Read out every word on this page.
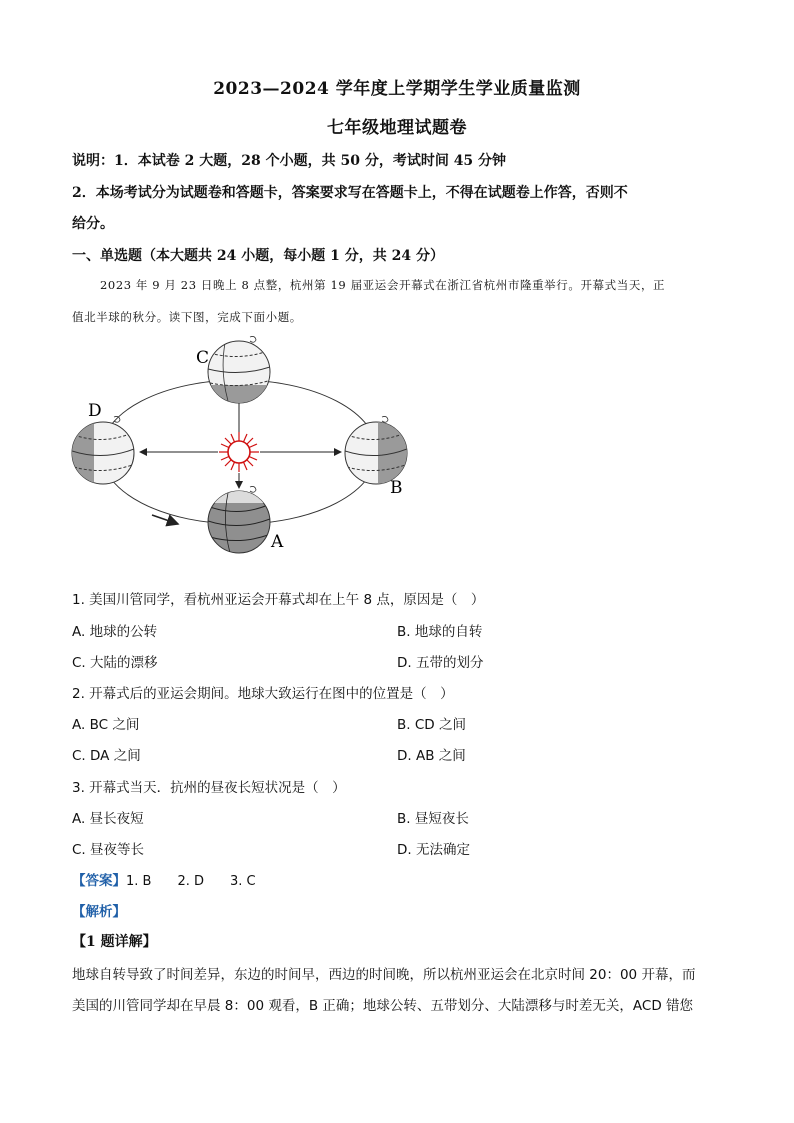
2023—2024 学年度上学期学生学业质量监测
七年级地理试题卷
说明：1．本试卷 2 大题，28 个小题，共 50 分，考试时间 45 分钟
2．本场考试分为试题卷和答题卡，答案要求写在答题卡上，不得在试题卷上作答，否则不
给分。
一、单选题（本大题共 24 小题，每小题 1 分，共 24 分）
2023 年 9 月 23 日晚上 8 点整，杭州第 19 届亚运会开幕式在浙江省杭州市隆重举行。开幕式当天，正
值北半球的秋分。读下图，完成下面小题。
C
D
B
A
1. 美国川管同学，看杭州亚运会开幕式却在上午 8 点，原因是（　）
A. 地球的公转	B. 地球的自转
C. 大陆的漂移	D. 五带的划分
2. 开幕式后的亚运会期间。地球大致运行在图中的位置是（　）
A. BC 之间	B. CD 之间
C. DA 之间	D. AB 之间
3. 开幕式当天．抗州的昼夜长短状况是（　）
A. 昼长夜短	B. 昼短夜长
C. 昼夜等长	D. 无法确定
【答案】1. B　　2. D　　3. C
【解析】
【1 题详解】
地球自转导致了时间差异，东边的时间早，西边的时间晚，所以杭州亚运会在北京时间 20：00 开幕，而
美国的川管同学却在早晨 8：00 观看，B 正确；地球公转、五带划分、大陆漂移与时差无关，ACD 错您
